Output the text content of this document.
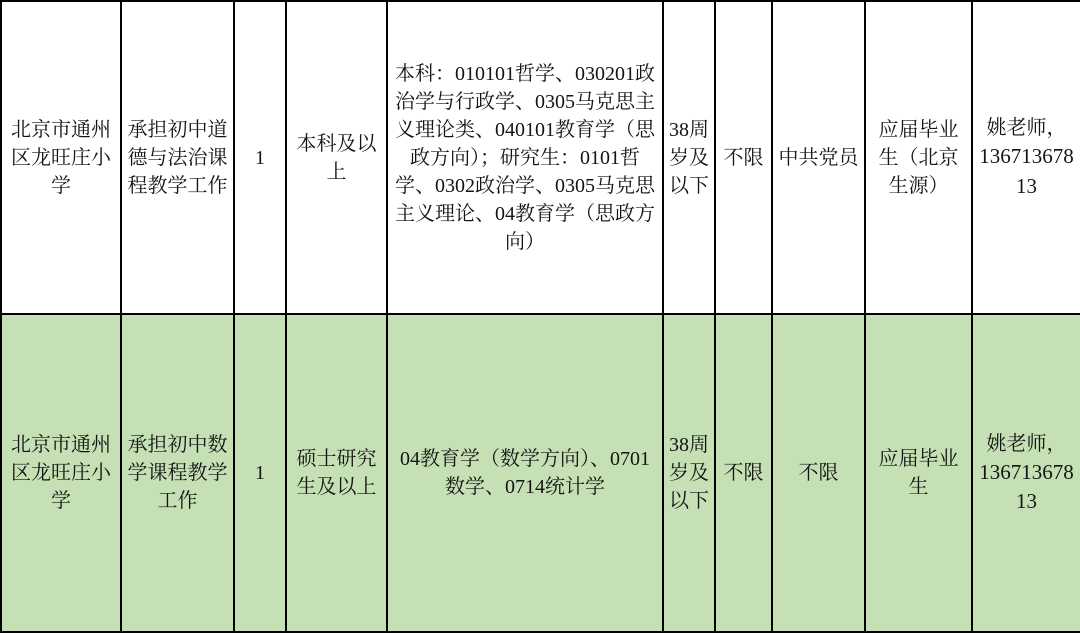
北京市通州区龙旺庄小学	承担初中道德与法治课程教学工作	1	本科及以上	本科：010101哲学、030201政治学与行政学、0305马克思主义理论类、040101教育学（思政方向）；研究生：0101哲学、0302政治学、0305马克思主义理论、04教育学（思政方向）	38周岁及以下	不限	中共党员	应届毕业生（北京生源）	姚老师，
13671367813

北京市通州区龙旺庄小学	承担初中数学课程教学工作	1	硕士研究生及以上	04教育学（数学方向）、0701数学、0714统计学	38周岁及以下	不限	不限	应届毕业生	姚老师，
13671367813
